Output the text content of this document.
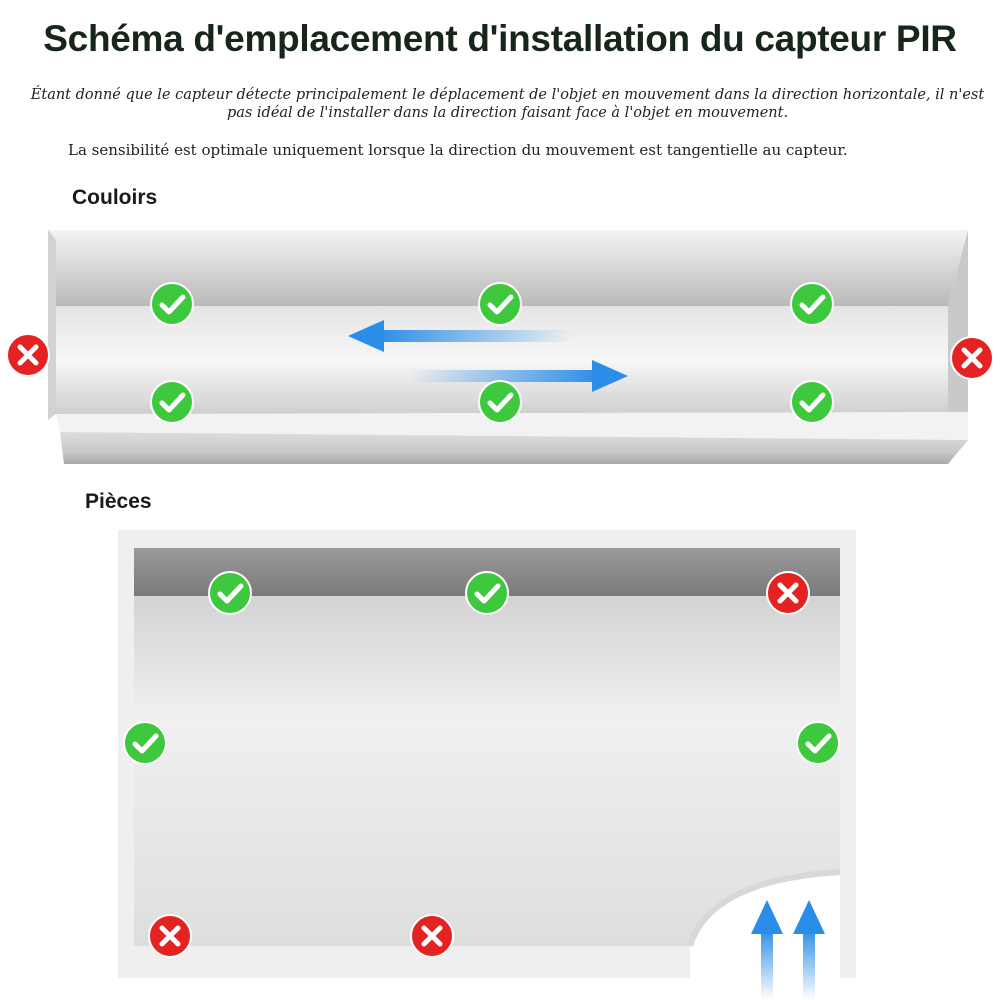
Schéma d'emplacement d'installation du capteur PIR

Étant donné que le capteur détecte principalement le déplacement de l'objet en mouvement dans la direction horizontale, il n'est pas idéal de l'installer dans la direction faisant face à l'objet en mouvement.

La sensibilité est optimale uniquement lorsque la direction du mouvement est tangentielle au capteur.

Couloirs
Pièces
